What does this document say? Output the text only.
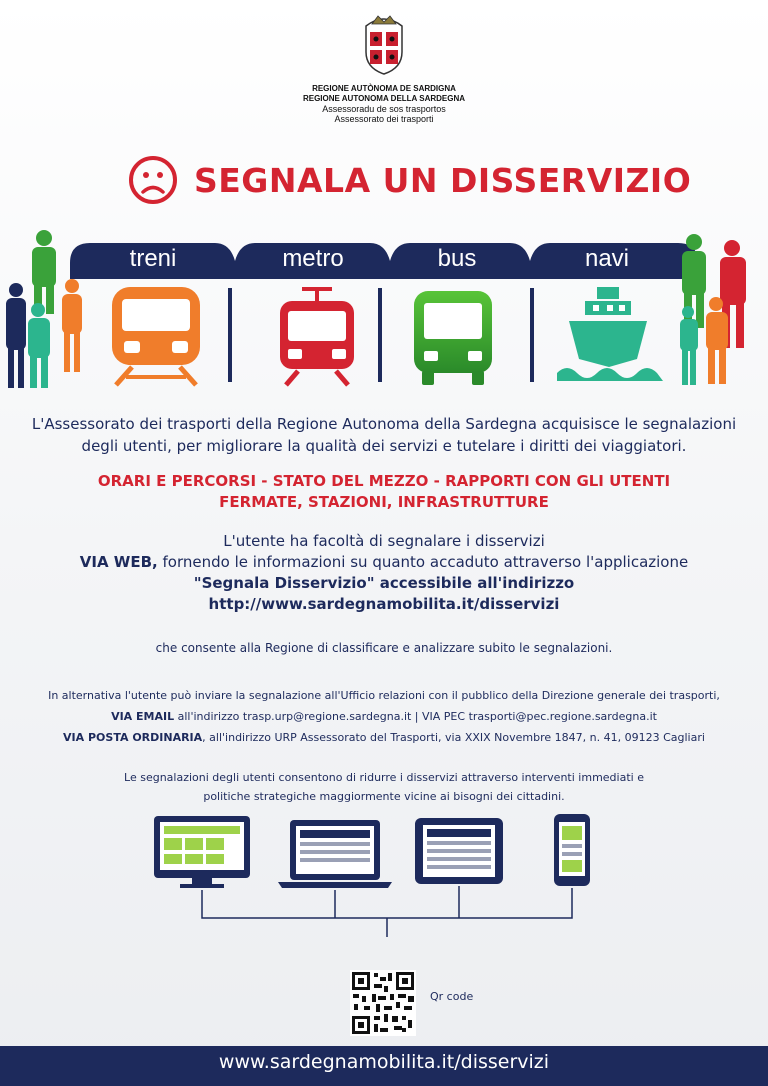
REGIONE AUTÒNOMA DE SARDIGNA
REGIONE AUTONOMA DELLA SARDEGNA
Assessoradu de sos trasportos
Assessorato dei trasporti
SEGNALA UN DISSERVIZIO
treni	metro	bus	navi
L'Assessorato dei trasporti della Regione Autonoma della Sardegna acquisisce le segnalazioni
degli utenti, per migliorare la qualità dei servizi e tutelare i diritti dei viaggiatori.
ORARI E PERCORSI - STATO DEL MEZZO - RAPPORTI CON GLI UTENTI
FERMATE, STAZIONI, INFRASTRUTTURE
L'utente ha facoltà di segnalare i disservizi
VIA WEB, fornendo le informazioni su quanto accaduto attraverso l'applicazione
"Segnala Disservizio" accessibile all'indirizzo
http://www.sardegnamobilita.it/disservizi
che consente alla Regione di classificare e analizzare subito le segnalazioni.
In alternativa l'utente può inviare la segnalazione all'Ufficio relazioni con il pubblico della Direzione generale dei trasporti,
VIA EMAIL all'indirizzo trasp.urp@regione.sardegna.it | VIA PEC trasporti@pec.regione.sardegna.it
VIA POSTA ORDINARIA, all'indirizzo URP Assessorato del Trasporti, via XXIX Novembre 1847, n. 41, 09123 Cagliari
Le segnalazioni degli utenti consentono di ridurre i disservizi attraverso interventi immediati e
politiche strategiche maggiormente vicine ai bisogni dei cittadini.
Qr code
www.sardegnamobilita.it/disservizi
